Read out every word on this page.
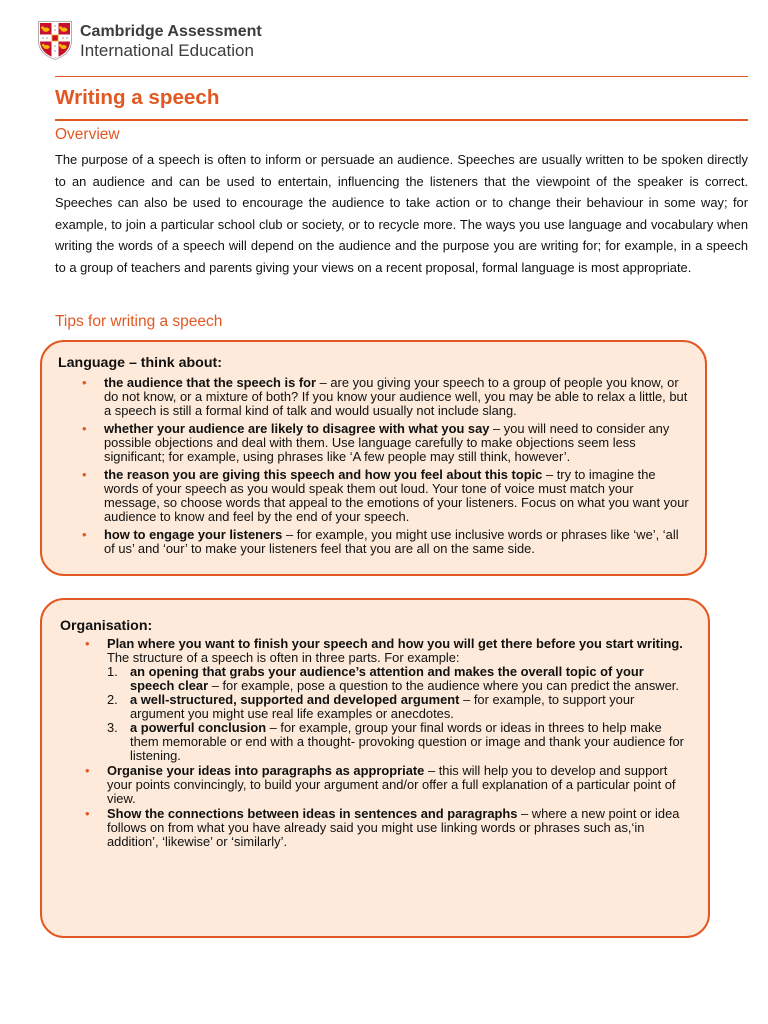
Cambridge Assessment
International Education
Writing a speech
Overview

The purpose of a speech is often to inform or persuade an audience. Speeches are usually written to be spoken directly to an audience and can be used to entertain, influencing the listeners that the viewpoint of the speaker is correct. Speeches can also be used to encourage the audience to take action or to change their behaviour in some way; for example, to join a particular school club or society, or to recycle more. The ways you use language and vocabulary when writing the words of a speech will depend on the audience and the purpose you are writing for; for example, in a speech to a group of teachers and parents giving your views on a recent proposal, formal language is most appropriate.

Tips for writing a speech
Language – think about:
• the audience that the speech is for – are you giving your speech to a group of people you know, or do not know, or a mixture of both? If you know your audience well, you may be able to relax a little, but a speech is still a formal kind of talk and would usually not include slang.
• whether your audience are likely to disagree with what you say – you will need to consider any possible objections and deal with them. Use language carefully to make objections seem less significant; for example, using phrases like ‘A few people may still think, however’.
• the reason you are giving this speech and how you feel about this topic – try to imagine the words of your speech as you would speak them out loud. Your tone of voice must match your message, so choose words that appeal to the emotions of your listeners. Focus on what you want your audience to know and feel by the end of your speech.
• how to engage your listeners – for example, you might use inclusive words or phrases like ‘we’, ‘all of us’ and ‘our’ to make your listeners feel that you are all on the same side.
Organisation:
• Plan where you want to finish your speech and how you will get there before you start writing.
The structure of a speech is often in three parts. For example:
1. an opening that grabs your audience’s attention and makes the overall topic of your speech clear – for example, pose a question to the audience where you can predict the answer.
2. a well-structured, supported and developed argument – for example, to support your argument you might use real life examples or anecdotes.
3. a powerful conclusion – for example, group your final words or ideas in threes to help make them memorable or end with a thought- provoking question or image and thank your audience for listening.
• Organise your ideas into paragraphs as appropriate – this will help you to develop and support your points convincingly, to build your argument and/or offer a full explanation of a particular point of view.
• Show the connections between ideas in sentences and paragraphs – where a new point or idea follows on from what you have already said you might use linking words or phrases such as,‘in addition’, ‘likewise’ or ‘similarly’.
